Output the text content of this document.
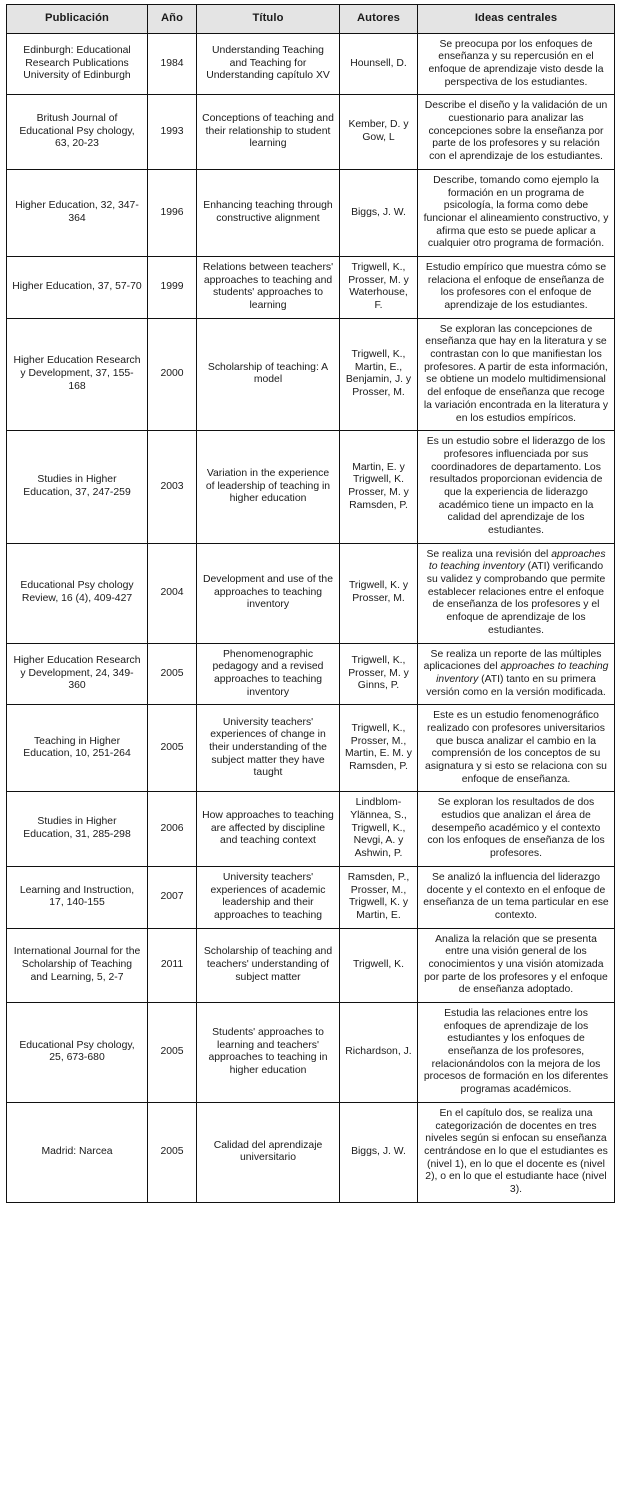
Publicación	Año	Título	Autores	Ideas centrales
Edinburgh: Educational Research Publications University of Edinburgh	1984	Understanding Teaching and Teaching for Understanding capítulo XV	Hounsell, D.	Se preocupa por los enfoques de enseñanza y su repercusión en el enfoque de aprendizaje visto desde la perspectiva de los estudiantes.
Britush Journal of Educational Psy chology, 63, 20-23	1993	Conceptions of teaching and their relationship to student learning	Kember, D. y Gow, L	Describe el diseño y la validación de un cuestionario para analizar las concepciones sobre la enseñanza por parte de los profesores y su relación con el aprendizaje de los estudiantes.
Higher Education, 32, 347-364	1996	Enhancing teaching through constructive alignment	Biggs, J. W.	Describe, tomando como ejemplo la formación en un programa de psicología, la forma como debe funcionar el alineamiento constructivo, y afirma que esto se puede aplicar a cualquier otro programa de formación.
Higher Education, 37, 57-70	1999	Relations between teachers' approaches to teaching and students' approaches to learning	Trigwell, K., Prosser, M. y Waterhouse, F.	Estudio empírico que muestra cómo se relaciona el enfoque de enseñanza de los profesores con el enfoque de aprendizaje de los estudiantes.
Higher Education Research y Development, 37, 155-168	2000	Scholarship of teaching: A model	Trigwell, K., Martin, E., Benjamin, J. y Prosser, M.	Se exploran las concepciones de enseñanza que hay en la literatura y se contrastan con lo que manifiestan los profesores. A partir de esta información, se obtiene un modelo multidimensional del enfoque de enseñanza que recoge la variación encontrada en la literatura y en los estudios empíricos.
Studies in Higher Education, 37, 247-259	2003	Variation in the experience of leadership of teaching in higher education	Martin, E. y Trigwell, K. Prosser, M. y Ramsden, P.	Es un estudio sobre el liderazgo de los profesores influenciada por sus coordinadores de departamento. Los resultados proporcionan evidencia de que la experiencia de liderazgo académico tiene un impacto en la calidad del aprendizaje de los estudiantes.
Educational Psy chology Review, 16 (4), 409-427	2004	Development and use of the approaches to teaching inventory	Trigwell, K. y Prosser, M.	Se realiza una revisión del approaches to teaching inventory (ATI) verificando su validez y comprobando que permite establecer relaciones entre el enfoque de enseñanza de los profesores y el enfoque de aprendizaje de los estudiantes.
Higher Education Research y Development, 24, 349-360	2005	Phenomenographic pedagogy and a revised approaches to teaching inventory	Trigwell, K., Prosser, M. y Ginns, P.	Se realiza un reporte de las múltiples aplicaciones del approaches to teaching inventory (ATI) tanto en su primera versión como en la versión modificada.
Teaching in Higher Education, 10, 251-264	2005	University teachers' experiences of change in their understanding of the subject matter they have taught	Trigwell, K., Prosser, M., Martin, E. M. y Ramsden, P.	Este es un estudio fenomenográfico realizado con profesores universitarios que busca analizar el cambio en la comprensión de los conceptos de su asignatura y si esto se relaciona con su enfoque de enseñanza.
Studies in Higher Education, 31, 285-298	2006	How approaches to teaching are affected by discipline and teaching context	Lindblom-Ylännea, S., Trigwell, K., Nevgi, A. y Ashwin, P.	Se exploran los resultados de dos estudios que analizan el área de desempeño académico y el contexto con los enfoques de enseñanza de los profesores.
Learning and Instruction, 17, 140-155	2007	University teachers' experiences of academic leadership and their approaches to teaching	Ramsden, P., Prosser, M., Trigwell, K. y Martin, E.	Se analizó la influencia del liderazgo docente y el contexto en el enfoque de enseñanza de un tema particular en ese contexto.
International Journal for the Scholarship of Teaching and Learning, 5, 2-7	2011	Scholarship of teaching and teachers' understanding of subject matter	Trigwell, K.	Analiza la relación que se presenta entre una visión general de los conocimientos y una visión atomizada por parte de los profesores y el enfoque de enseñanza adoptado.
Educational Psy chology, 25, 673-680	2005	Students' approaches to learning and teachers' approaches to teaching in higher education	Richardson, J.	Estudia las relaciones entre los enfoques de aprendizaje de los estudiantes y los enfoques de enseñanza de los profesores, relacionándolos con la mejora de los procesos de formación en los diferentes programas académicos.
Madrid: Narcea	2005	Calidad del aprendizaje universitario	Biggs, J. W.	En el capítulo dos, se realiza una categorización de docentes en tres niveles según si enfocan su enseñanza centrándose en lo que el estudiantes es (nivel 1), en lo que el docente es (nivel 2), o en lo que el estudiante hace (nivel 3).
